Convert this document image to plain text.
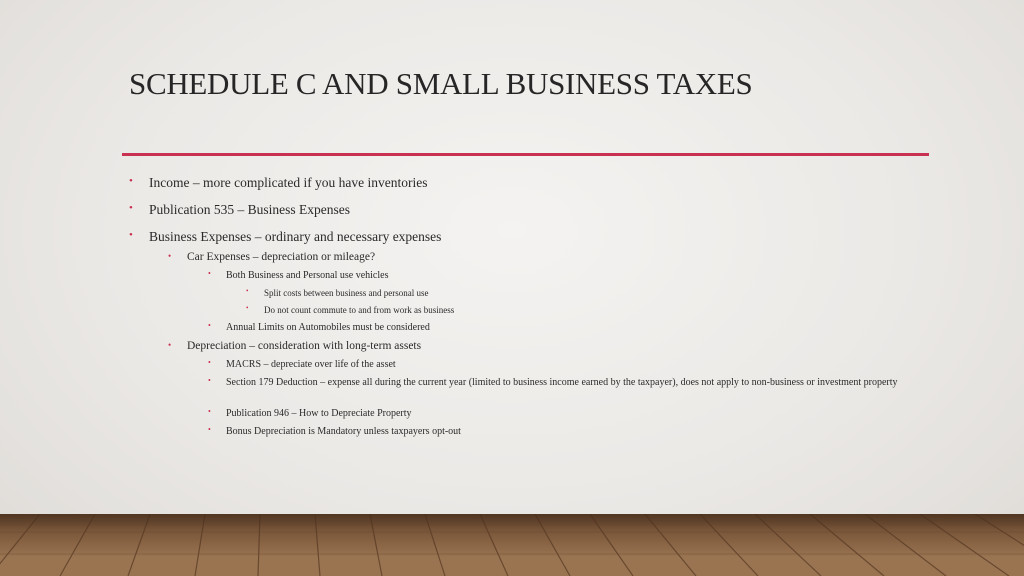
SCHEDULE C AND SMALL BUSINESS TAXES
• Income – more complicated if you have inventories
• Publication 535 – Business Expenses
• Business Expenses – ordinary and necessary expenses
• Car Expenses – depreciation or mileage?
• Both Business and Personal use vehicles
• Split costs between business and personal use
• Do not count commute to and from work as business
• Annual Limits on Automobiles must be considered
• Depreciation – consideration with long-term assets
• MACRS – depreciate over life of the asset
• Section 179 Deduction – expense all during the current year (limited to business income earned by the taxpayer), does not apply to non-business or investment property
• Publication 946 – How to Depreciate Property
• Bonus Depreciation is Mandatory unless taxpayers opt-out
